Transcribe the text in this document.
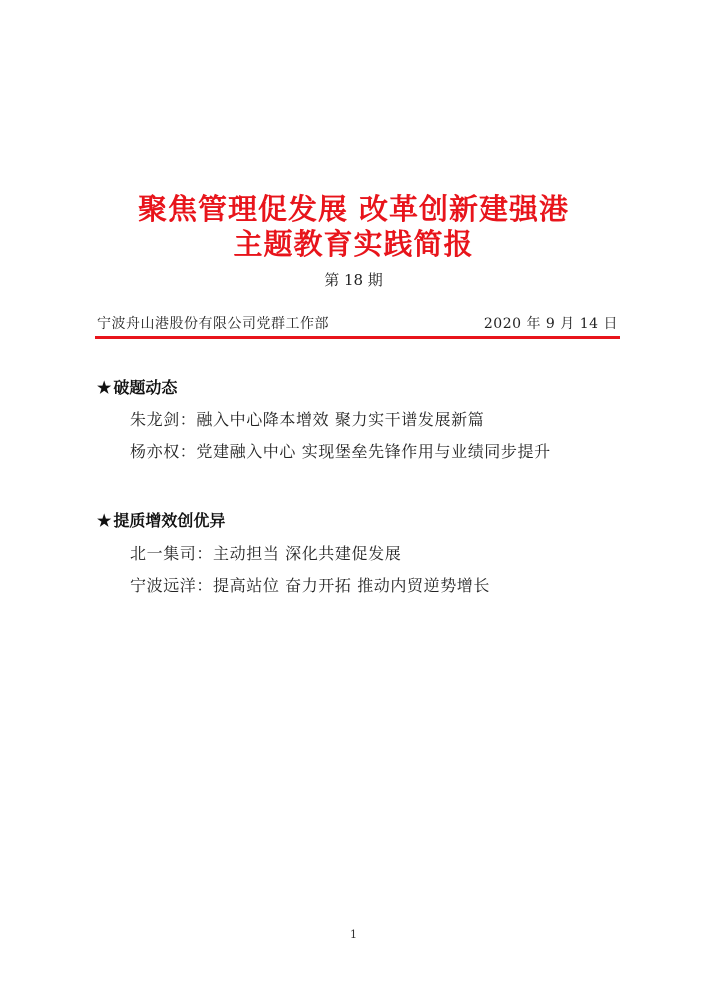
聚焦管理促发展 改革创新建强港
主题教育实践简报
第 18 期
宁波舟山港股份有限公司党群工作部	2020 年 9 月 14 日
★ 破题动态
朱龙剑：融入中心降本增效 聚力实干谱发展新篇
杨亦权：党建融入中心 实现堡垒先锋作用与业绩同步提升
★ 提质增效创优异
北一集司：主动担当 深化共建促发展
宁波远洋：提高站位 奋力开拓 推动内贸逆势增长
1
